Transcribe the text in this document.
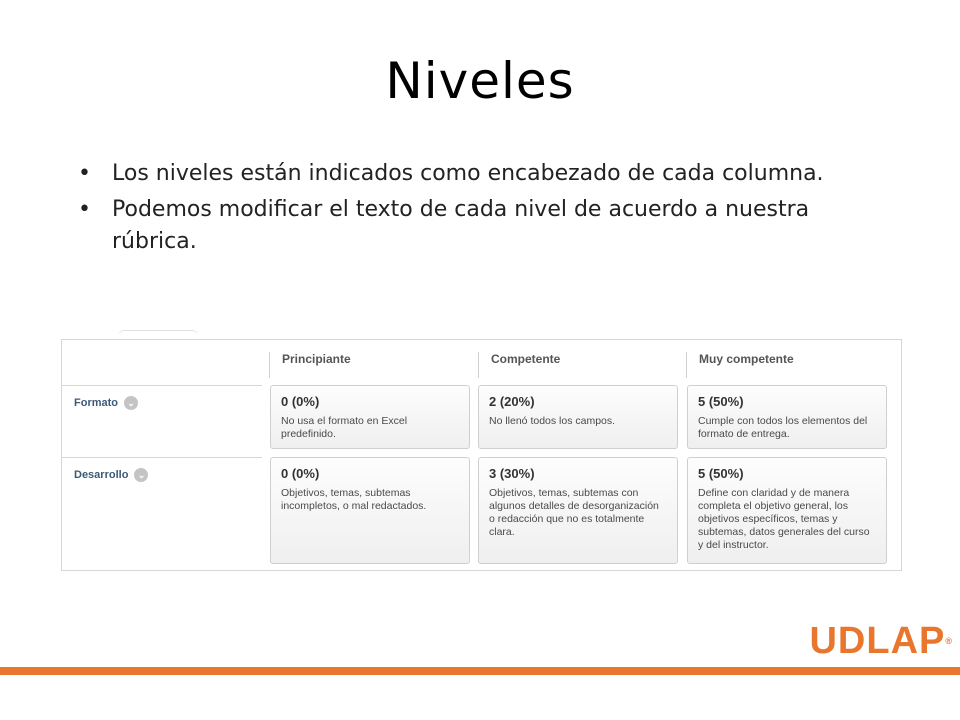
Niveles
• Los niveles están indicados como encabezado de cada columna.
• Podemos modificar el texto de cada nivel de acuerdo a nuestra rúbrica.
Principiante	Competente	Muy competente
Formato ⌄
Desarrollo ⌄
0 (0%)
No usa el formato en Excel predefinido.
2 (20%)
No llenó todos los campos.
5 (50%)
Cumple con todos los elementos del formato de entrega.
0 (0%)
Objetivos, temas, subtemas incompletos, o mal redactados.
3 (30%)
Objetivos, temas, subtemas con algunos detalles de desorganización o redacción que no es totalmente clara.
5 (50%)
Define con claridad y de manera completa el objetivo general, los objetivos específicos, temas y subtemas, datos generales del curso y del instructor.
UDLAP®
